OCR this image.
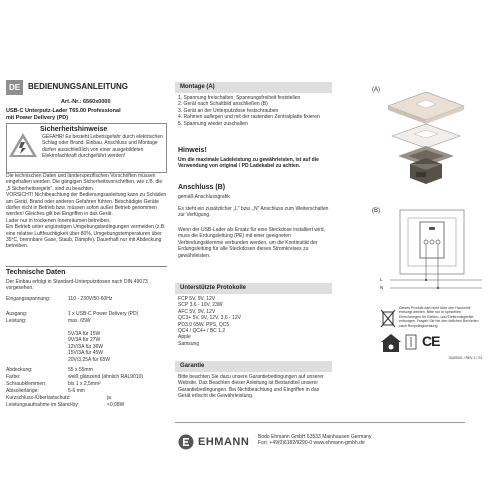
DE BEDIENUNGSANLEITUNG
Art.-Nr.: 6560x0000
USB-C Unterputz-Lader T65.00 Professional
mit Power Delivery (PD)
Sicherheitshinweise
GEFAHR! Es besteht Lebensgefahr durch elektrischen Schlag oder Brand. Einbau, Anschluss und Montage dürfen ausschließlich von einer ausgebildeten Elektrofachkraft durchgeführt werden!
Die technischen Daten und länderspezifischen Vorschriften müssen eingehalten werden. Die gängigen Sicherheitsvorschriften, wie z.B. die „5 Sicherheitsregeln", sind zu beachten.
VORSICHT! Nichtbeachtung der Bedienungsanleitung kann zu Schäden am Gerät, Brand oder anderen Gefahren führen. Beschädigte Geräte dürfen nicht in Betrieb bzw. müssen sofort außer Betrieb genommen werden! Gleiches gilt bei Eingriffen in das Gerät.
Lader nur in trockenen Innenräumen betreiben.
Ein Betrieb unter ungünstigen Umgebungsbedingungen vermeiden (z.B. eine relative Luftfeuchtigkeit über 80%, Umgebungstemperaturen über 35°C, brennbare Gase, Staub, Dämpfe). Dauerhaft nur mit Abdeckung betreiben.
Technische Daten
Der Einbau erfolgt in Standard-Unterputzdosen nach DIN 49073 vorgesehen.
Eingangsspannung:	110 - 230V/50-60Hz
Ausgang:	1 x USB-C Power Delivery (PD)
Leistung:	max. 65W
5V/3A für 15W
9V/3A für 27W
12V/3A für 36W
15V/3A für 45W
20V/3,25A für 65W
Abdeckung:	55 x 55mm
Farbe:	weiß glänzend (ähnlich RAL9010)
Schraubklemmen:	bis 1 x 2,5mm²
Abisolierlänge:	5-6 mm
Kurzschluss-/Überlastschutz:	ja
Leistungsaufnahme im Stand-by:	<0,08W
Montage (A)
1. Spannung freischalten, Spannungsfreiheit feststellen
2. Gerät nach Schaltbild anschließen (B)
3. Gerät an der Unterputzdose festschrauben
4. Rahmen auflegen und mit der rastenden Zentralplatte fixieren
5. Spannung wieder zuschalten
Hinweis!
Um die maximale Ladeleistung zu gewährleisten, ist auf die Verwendung von original / PD Ladekabel zu achten.
Anschluss (B)
gemäß Anschlussgrafik
Es steht ein zusätzlicher „L" bzw. „N" Anschluss zum Weiterschalten zur Verfügung.
Wenn der USB-Lader als Ersatz für eine Steckdose installiert wird, muss die Erdungsleitung (PE) mit einer geeigneten Verbindungsklemme verbunden werden, um die Kontinuität der Erdungsleitung für alle Steckdosen dieses Stromkreises zu gewährleisten.
Unterstützte Protokolle
FCP 5V, 9V, 12V
SCP 3,6 - 10V, 23W
AFC 5V, 9V, 12V
QC3+ 5V, 9V, 12V, 3,6 - 12V
PD3.0 65W, PPS, QC5
QC4 / QC4+ / BC 1.2
Apple
Samsung
Garantie
Bitte beachten Sie dazu unsere Garantiebedingungen auf unserer Website. Das Beachten dieser Anleitung ist Bestandteil unserer Garantiebedingungen. Bei Nichtbeachtung und Eingriffen in das Gerät erlischt die Gewährleistung.
EHMANN Bodo Ehmann GmbH 63533 Mainhausen Germany
Fon: +49(0)6182/9290-0 www.ehmann-gmbh.de
(A)
(B)
L
N
Dieses Produkt darf nicht über den Hausmüll entsorgt werden. Bitte nur in speziellen Einrichtungen für Elektro- und Elektronikgeräte entsorgen. Fragen Sie bei den örtlichen Behörden nach Recyclingberatung
CE
SU00001 / REV 2 / 23
